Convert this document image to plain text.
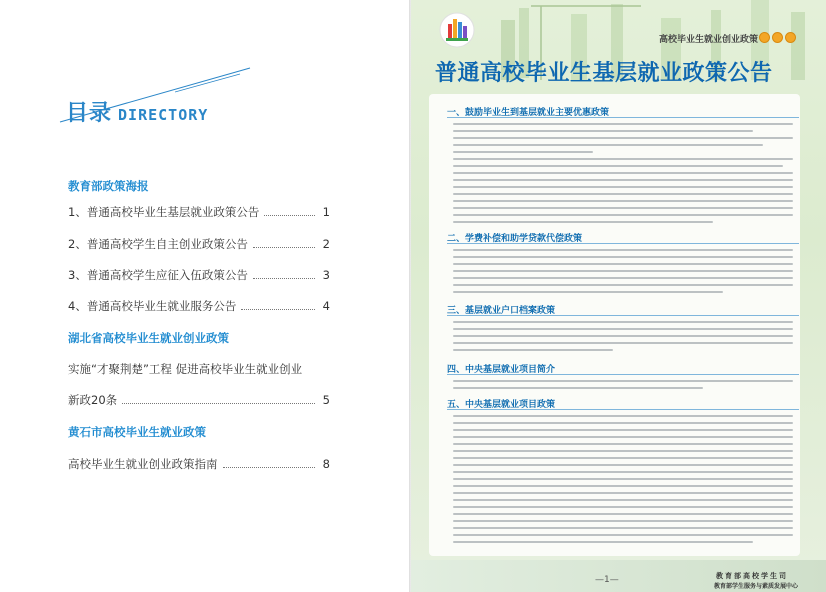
目录 DIRECTORY
教育部政策海报
1、普通高校毕业生基层就业政策公告	1
2、普通高校学生自主创业政策公告	2
3、普通高校学生应征入伍政策公告	3
4、普通高校毕业生就业服务公告	4
湖北省高校毕业生就业创业政策
实施“才聚荆楚”工程 促进高校毕业生就业创业
新政20条	5
黄石市高校毕业生就业政策
高校毕业生就业创业政策指南	8
高校毕业生就业创业政策
普通高校毕业生基层就业政策公告
一、鼓励毕业生到基层就业主要优惠政策
二、学费补偿和助学贷款代偿政策
三、基层就业户口档案政策
四、中央基层就业项目简介
五、中央基层就业项目政策
—1—	教育部高校学生司
教育部学生服务与素质发展中心
